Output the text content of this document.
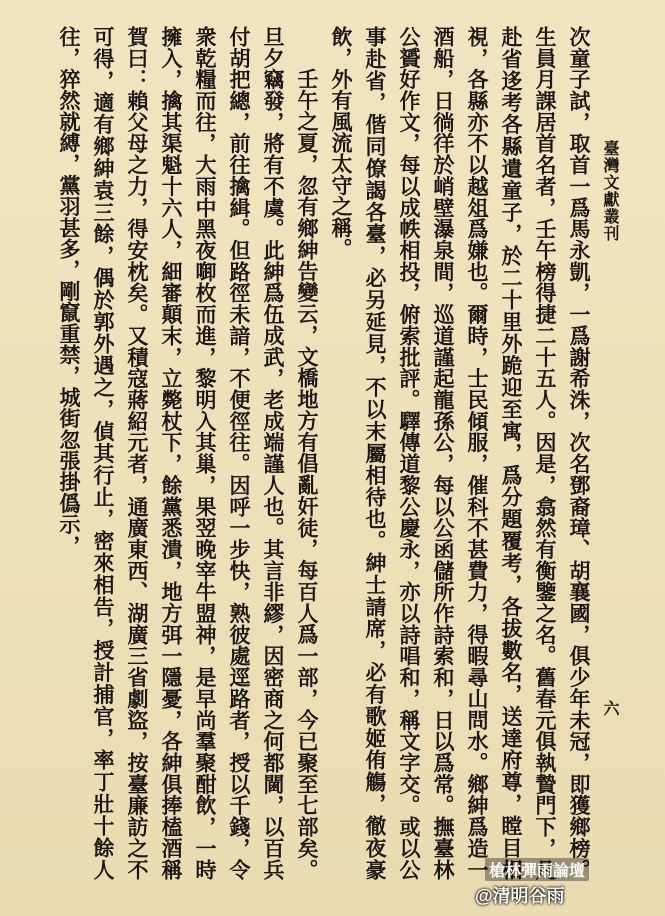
臺灣文獻叢刊
六

次童子試，取首一爲馬永凱，一爲謝希洙，次名鄧裔璋、胡襄國，俱少年未冠，即獲鄉榜。生員月課居首名者，壬午榜得捷二十五人。因是，翕然有衡鑒之名。舊春元俱執贄門下，凡赴省迻考各縣遺童子，於二十里外跪迎至寓，爲分題覆考，各拔數名，送達府尊，瞠目相視，各縣亦不以越俎爲嫌也。爾時，士民傾服，催科不甚費力，得暇尋山問水。鄉紳爲造一酒船，日徜徉於峭壁瀑泉間，巡道謹起龍孫公，每以公函儲所作詩索和，日以爲常。撫臺林公贇好作文，每以成帙相投，俯索批評。驛傳道黎公慶永，亦以詩唱和，稱文字交。或以公事赴省，偕同僚謁各臺，必另延見，不以末屬相待也。紳士請席，必有歌姬侑觴，徹夜豪飲，外有風流太守之稱。

壬午之夏，忽有鄉紳告變云，文橋地方有倡亂奸徒，每百人爲一部，今已聚至七部矣。旦夕竊發，將有不虞。此紳爲伍成武，老成端謹人也。其言非繆，因密商之何都閫，以百兵付胡把總，前往擒緝。但路徑未諳，不便徑往。因呼一步快，熟彼處逕路者，授以千錢，令衆乾糧而往，大雨中黑夜啣枚而進，黎明入其巢，果翌晚宰牛盟神，是早尚羣聚酣飲，一時擁入，擒其渠魁十六人，細審顛末，立斃杖下，餘黨悉潰，地方弭一隱憂，各紳俱捧榼酒稱賀曰：賴父母之力，得安枕矣。又積寇蔣紹元者，通廣東西、湖廣三省劇盜，按臺廉訪之不可得，適有鄉紳袁三餘，偶於郭外遇之，偵其行止，密來相告，授計捕官，率丁壯十餘人往，猝然就縛，黨羽甚多，剛竄重禁，城街忽張掛僞示，

槍林彈雨論壇
@清明谷雨
